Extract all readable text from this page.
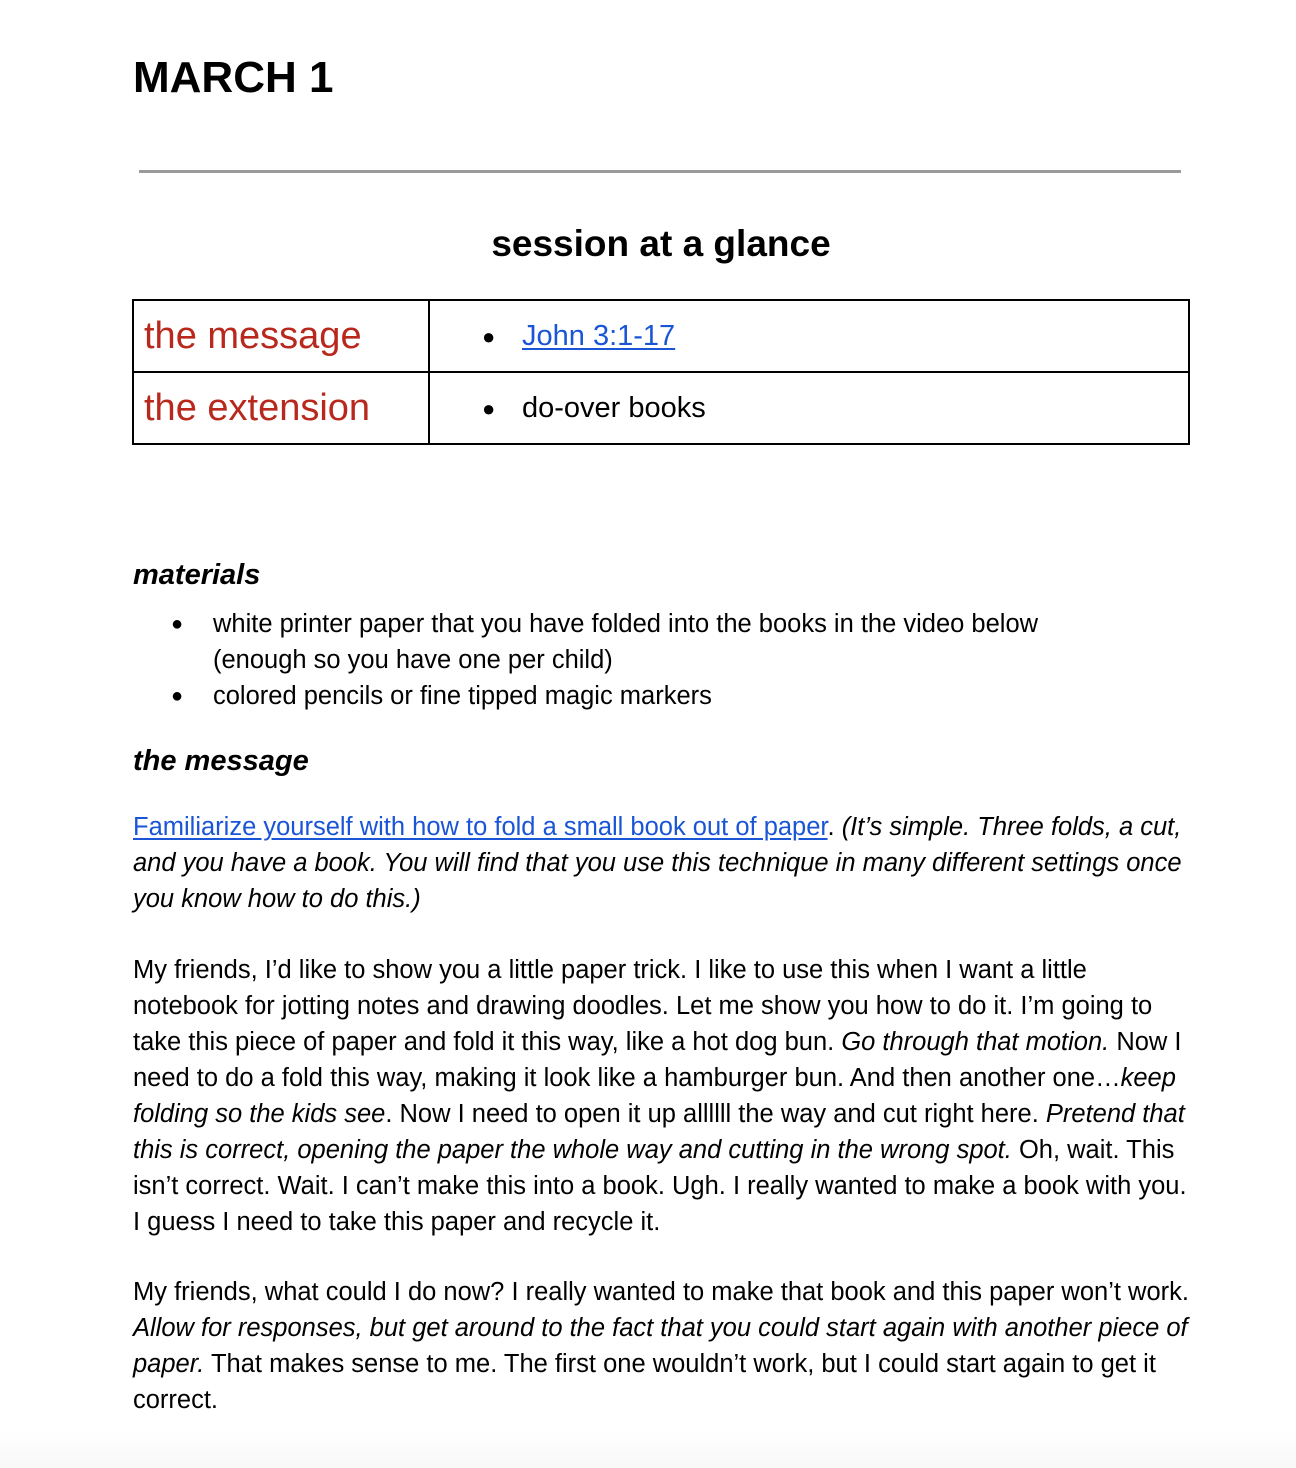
MARCH 1
session at a glance
the message	● John 3:1-17
the extension	● do-over books
materials
● white printer paper that you have folded into the books in the video below (enough so you have one per child)
● colored pencils or fine tipped magic markers
the message

Familiarize yourself with how to fold a small book out of paper. (It’s simple. Three folds, a cut, and you have a book. You will find that you use this technique in many different settings once you know how to do this.)

My friends, I’d like to show you a little paper trick. I like to use this when I want a little notebook for jotting notes and drawing doodles. Let me show you how to do it. I’m going to take this piece of paper and fold it this way, like a hot dog bun. Go through that motion. Now I need to do a fold this way, making it look like a hamburger bun. And then another one…keep folding so the kids see. Now I need to open it up allllll the way and cut right here. Pretend that this is correct, opening the paper the whole way and cutting in the wrong spot. Oh, wait. This isn’t correct. Wait. I can’t make this into a book. Ugh. I really wanted to make a book with you. I guess I need to take this paper and recycle it.

My friends, what could I do now? I really wanted to make that book and this paper won’t work. Allow for responses, but get around to the fact that you could start again with another piece of paper. That makes sense to me. The first one wouldn’t work, but I could start again to get it correct.
